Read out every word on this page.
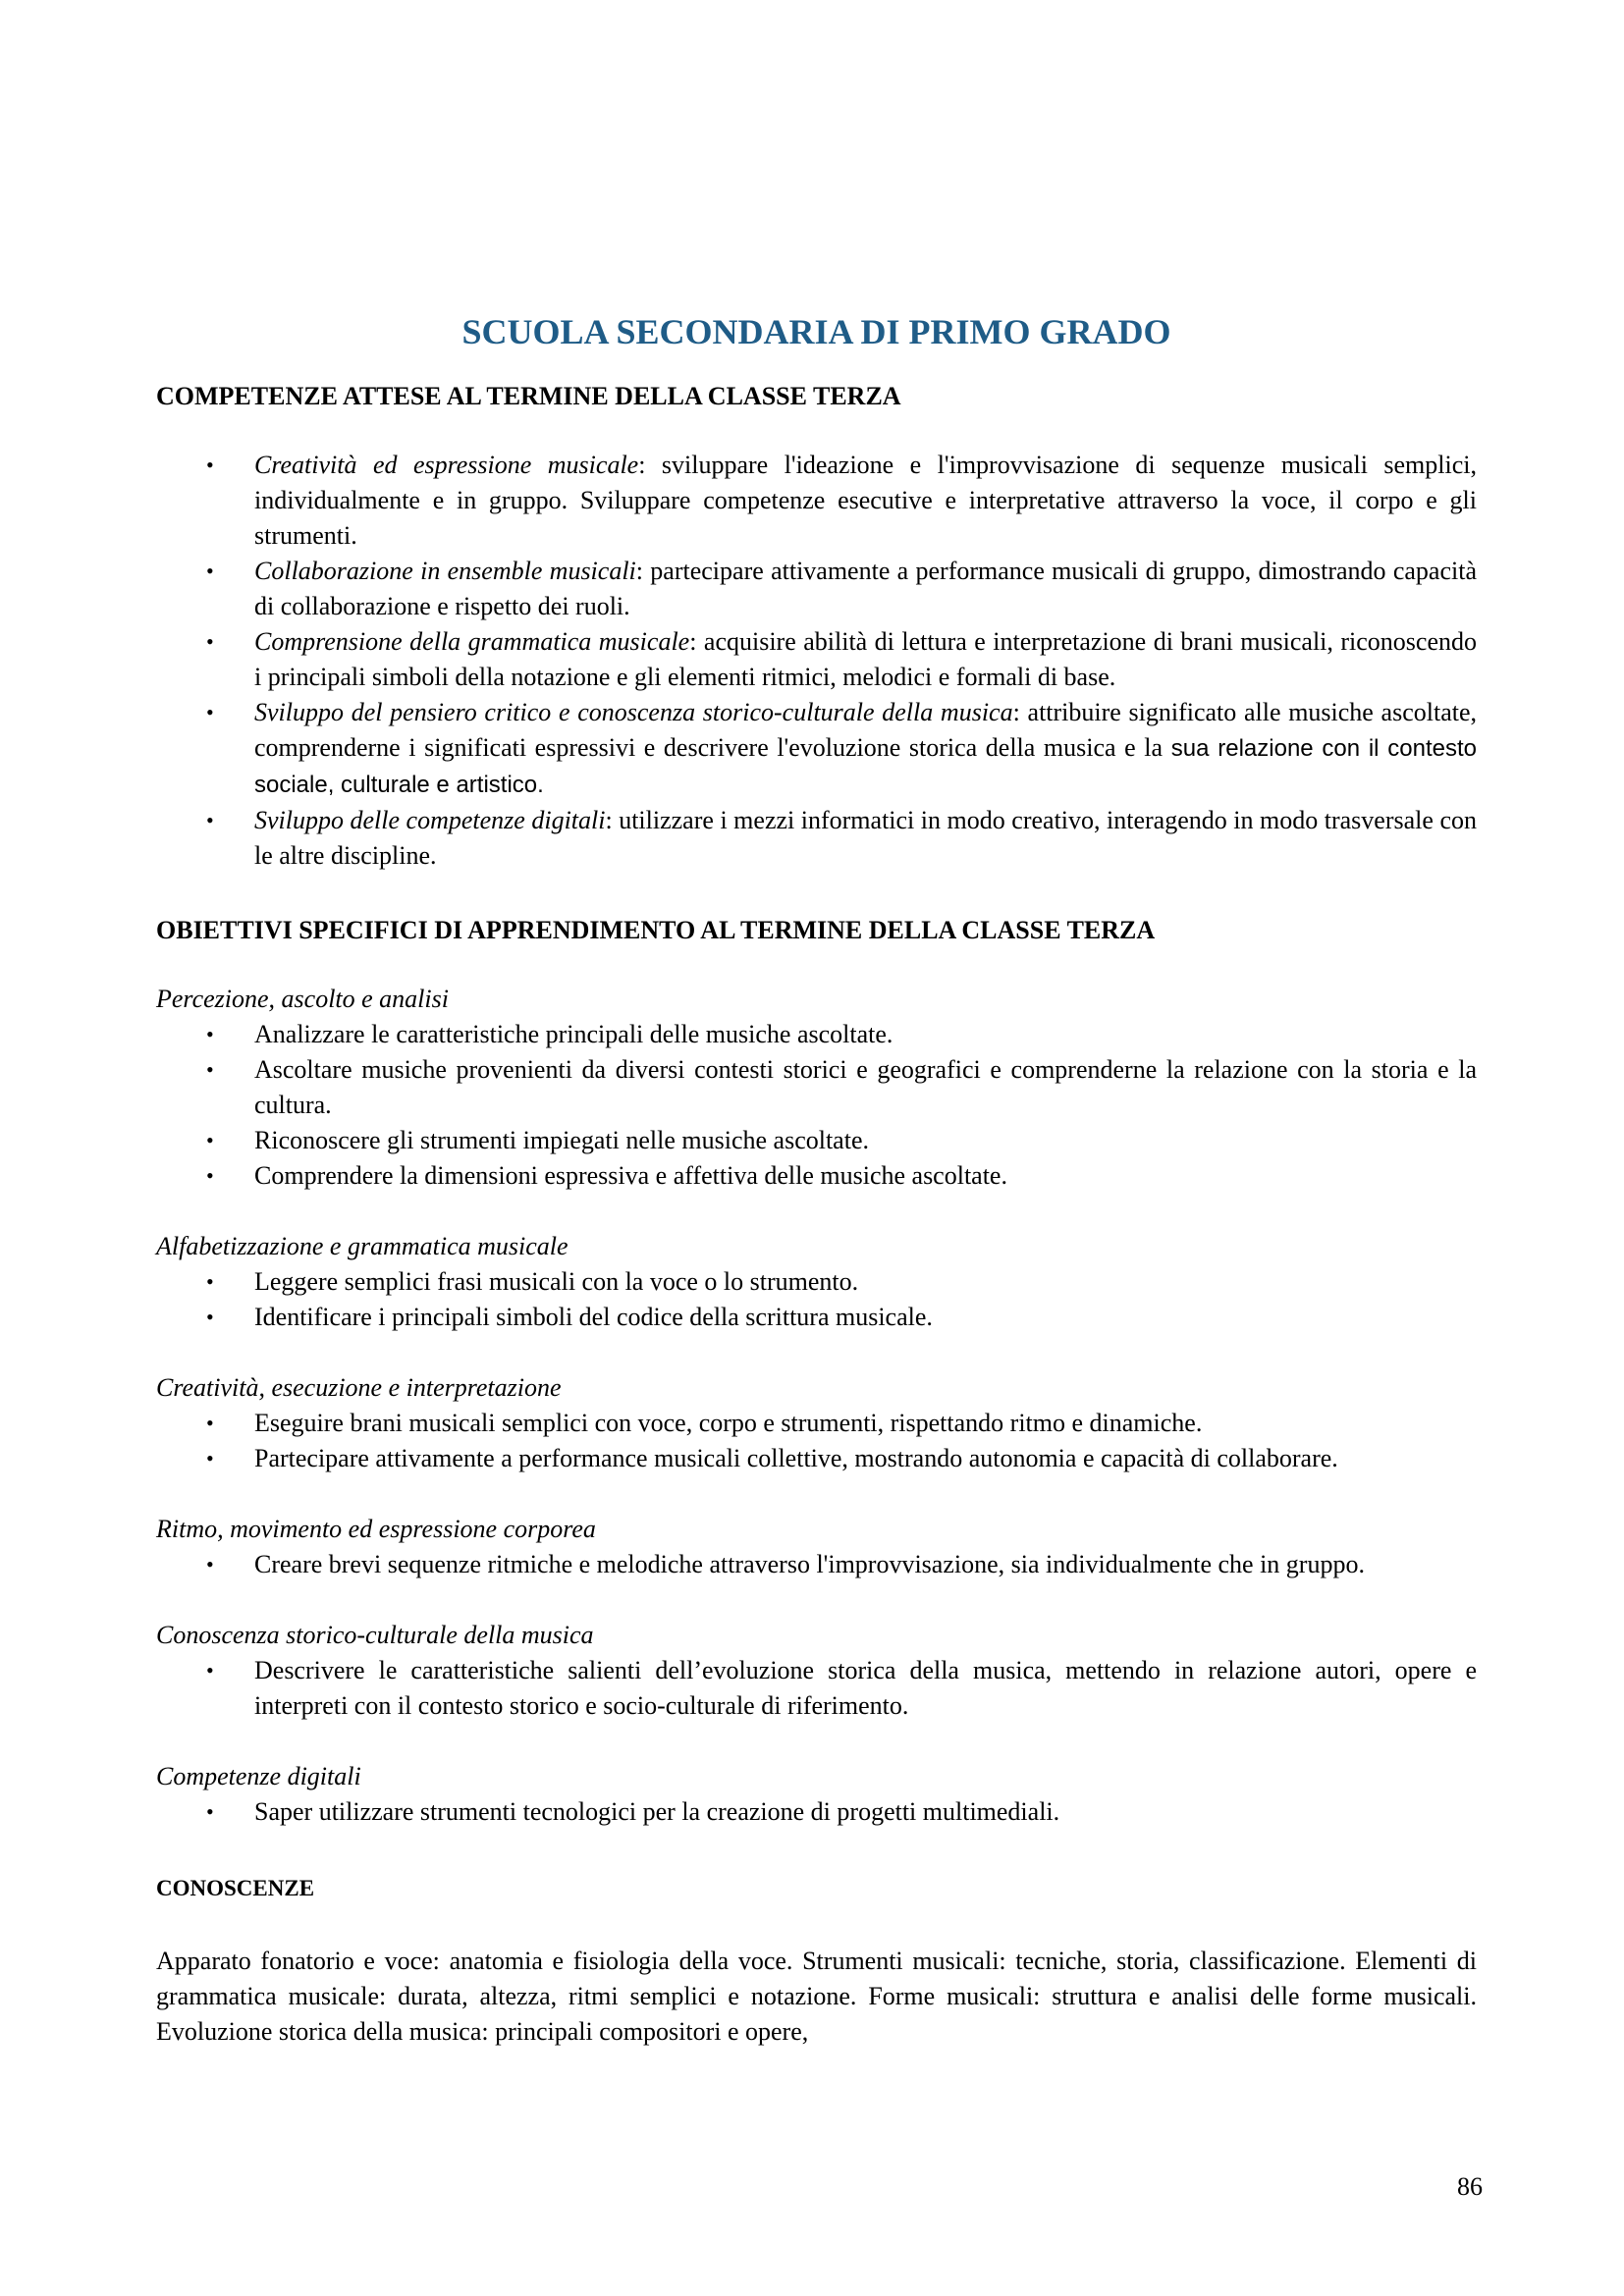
SCUOLA SECONDARIA DI PRIMO GRADO
COMPETENZE ATTESE AL TERMINE DELLA CLASSE TERZA
• Creatività ed espressione musicale: sviluppare l'ideazione e l'improvvisazione di sequenze musicali semplici, individualmente e in gruppo. Sviluppare competenze esecutive e interpretative attraverso la voce, il corpo e gli strumenti.
• Collaborazione in ensemble musicali: partecipare attivamente a performance musicali di gruppo, dimostrando capacità di collaborazione e rispetto dei ruoli.
• Comprensione della grammatica musicale: acquisire abilità di lettura e interpretazione di brani musicali, riconoscendo i principali simboli della notazione e gli elementi ritmici, melodici e formali di base.
• Sviluppo del pensiero critico e conoscenza storico-culturale della musica: attribuire significato alle musiche ascoltate, comprenderne i significati espressivi e descrivere l'evoluzione storica della musica e la sua relazione con il contesto sociale, culturale e artistico.
• Sviluppo delle competenze digitali: utilizzare i mezzi informatici in modo creativo, interagendo in modo trasversale con le altre discipline.
OBIETTIVI SPECIFICI DI APPRENDIMENTO AL TERMINE DELLA CLASSE TERZA

Percezione, ascolto e analisi

• Analizzare le caratteristiche principali delle musiche ascoltate.
• Ascoltare musiche provenienti da diversi contesti storici e geografici e comprenderne la relazione con la storia e la cultura.
• Riconoscere gli strumenti impiegati nelle musiche ascoltate.
• Comprendere la dimensioni espressiva e affettiva delle musiche ascoltate.

Alfabetizzazione e grammatica musicale

• Leggere semplici frasi musicali con la voce o lo strumento.
• Identificare i principali simboli del codice della scrittura musicale.

Creatività, esecuzione e interpretazione

• Eseguire brani musicali semplici con voce, corpo e strumenti, rispettando ritmo e dinamiche.
• Partecipare attivamente a performance musicali collettive, mostrando autonomia e capacità di collaborare.

Ritmo, movimento ed espressione corporea

• Creare brevi sequenze ritmiche e melodiche attraverso l'improvvisazione, sia individualmente che in gruppo.

Conoscenza storico-culturale della musica

• Descrivere le caratteristiche salienti dell’evoluzione storica della musica, mettendo in relazione autori, opere e interpreti con il contesto storico e socio-culturale di riferimento.

Competenze digitali

• Saper utilizzare strumenti tecnologici per la creazione di progetti multimediali.
CONOSCENZE

Apparato fonatorio e voce: anatomia e fisiologia della voce. Strumenti musicali: tecniche, storia, classificazione. Elementi di grammatica musicale: durata, altezza, ritmi semplici e notazione. Forme musicali: struttura e analisi delle forme musicali. Evoluzione storica della musica: principali compositori e opere,

86
